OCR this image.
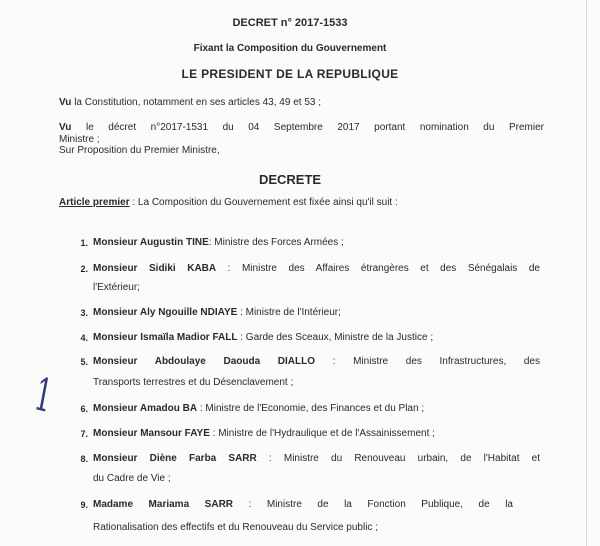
DECRET n° 2017-1533
Fixant la Composition du Gouvernement
LE PRESIDENT DE LA REPUBLIQUE
Vu la Constitution, notamment en ses articles 43, 49 et 53 ;
Vu le décret n°2017-1531 du 04 Septembre 2017 portant nomination du Premier
Ministre ;
Sur Proposition du Premier Ministre,
DECRETE
Article premier : La Composition du Gouvernement est fixée ainsi qu'il suit :
1
1. Monsieur Augustin TINE: Ministre des Forces Armées ;
2. Monsieur Sidiki KABA : Ministre des Affaires étrangères et des Sénégalais de
l'Extérieur;
3. Monsieur Aly Ngouille NDIAYE : Ministre de l'Intérieur;
4. Monsieur Ismaïla Madior FALL : Garde des Sceaux, Ministre de la Justice ;
5. Monsieur Abdoulaye Daouda DIALLO : Ministre des Infrastructures, des
Transports terrestres et du Désenclavement ;
6. Monsieur Amadou BA : Ministre de l'Economie, des Finances et du Plan ;
7. Monsieur Mansour FAYE : Ministre de l'Hydraulique et de l'Assainissement ;
8. Monsieur Diène Farba SARR : Ministre du Renouveau urbain, de l'Habitat et
du Cadre de Vie ;
9. Madame Mariama SARR : Ministre de la Fonction Publique, de la
Rationalisation des effectifs et du Renouveau du Service public ;
